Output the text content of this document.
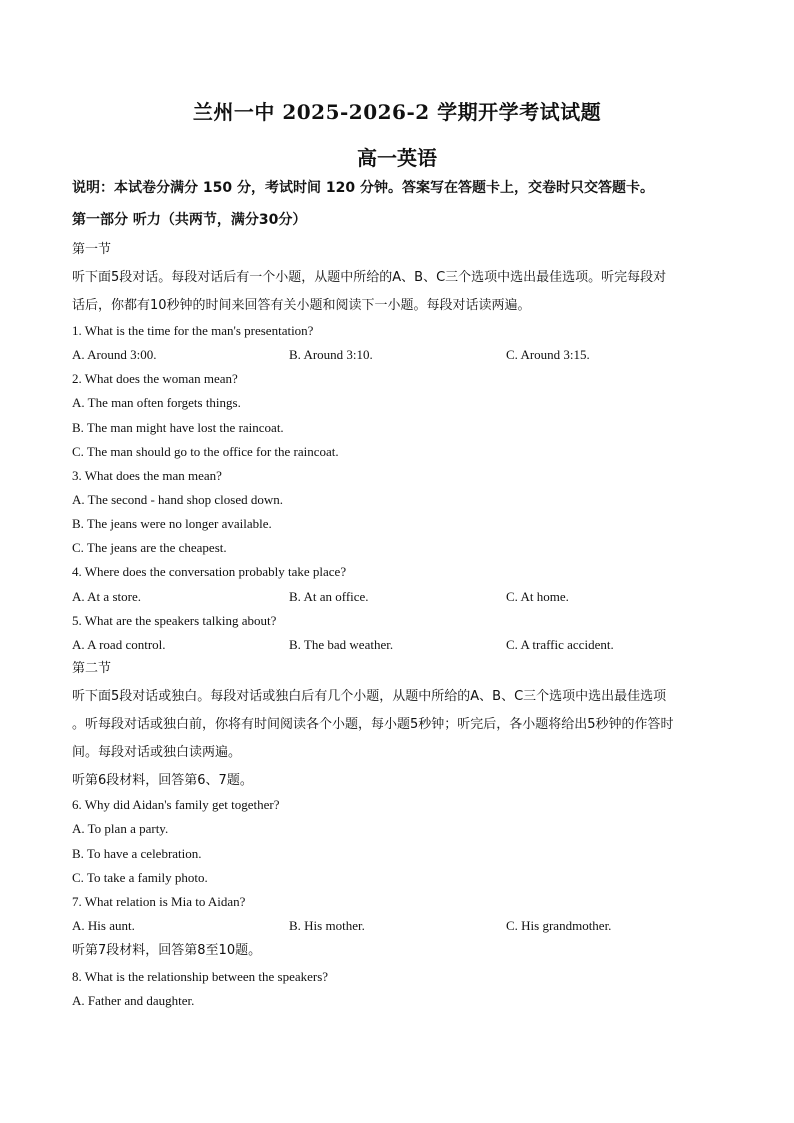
兰州一中 2025-2026-2 学期开学考试试题
高一英语
说明：本试卷分满分 150 分，考试时间 120 分钟。答案写在答题卡上，交卷时只交答题卡。
第一部分 听力（共两节，满分30分）
第一节
听下面5段对话。每段对话后有一个小题，从题中所给的A、B、C三个选项中选出最佳选项。听完每段对
话后，你都有10秒钟的时间来回答有关小题和阅读下一小题。每段对话读两遍。
1. What is the time for the man's presentation?
A. Around 3:00.	B. Around 3:10.	C. Around 3:15.
2. What does the woman mean?
A. The man often forgets things.
B. The man might have lost the raincoat.
C. The man should go to the office for the raincoat.
3. What does the man mean?
A. The second - hand shop closed down.
B. The jeans were no longer available.
C. The jeans are the cheapest.
4. Where does the conversation probably take place?
A. At a store.	B. At an office.	C. At home.
5. What are the speakers talking about?
A. A road control.	B. The bad weather.	C. A traffic accident.
第二节
听下面5段对话或独白。每段对话或独白后有几个小题，从题中所给的A、B、C三个选项中选出最佳选项
。听每段对话或独白前，你将有时间阅读各个小题，每小题5秒钟；听完后，各小题将给出5秒钟的作答时
间。每段对话或独白读两遍。
听第6段材料，回答第6、7题。
6. Why did Aidan's family get together?
A. To plan a party.
B. To have a celebration.
C. To take a family photo.
7. What relation is Mia to Aidan?
A. His aunt.	B. His mother.	C. His grandmother.
听第7段材料，回答第8至10题。
8. What is the relationship between the speakers?
A. Father and daughter.
